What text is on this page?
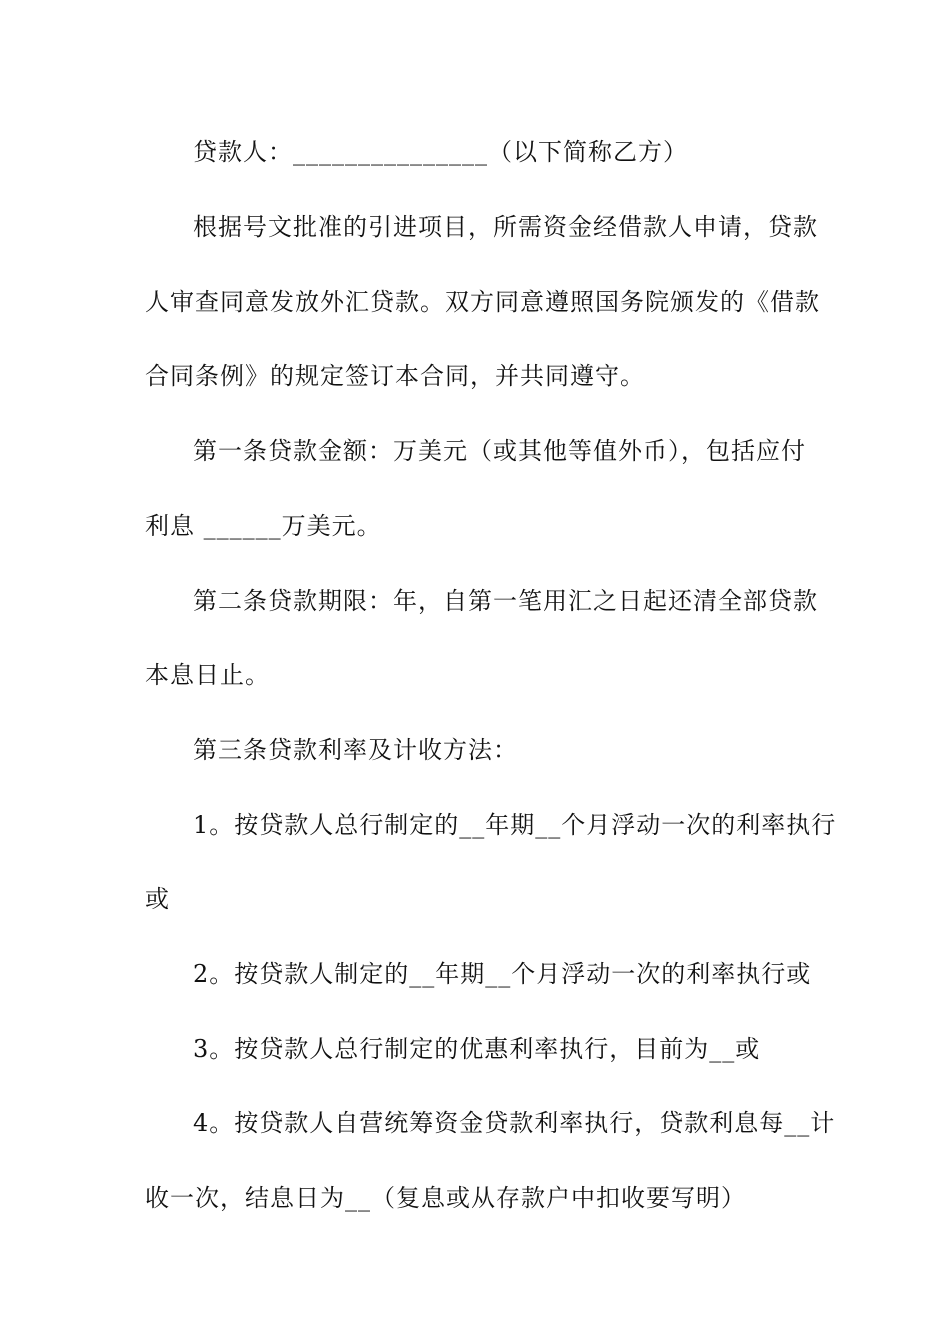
贷款人：_______________（以下简称乙方）
根据号文批准的引进项目，所需资金经借款人申请，贷款
人审查同意发放外汇贷款。双方同意遵照国务院颁发的《借款
合同条例》的规定签订本合同，并共同遵守。
第一条贷款金额：万美元（或其他等值外币），包括应付
利息 ______万美元。
第二条贷款期限：年，自第一笔用汇之日起还清全部贷款
本息日止。
第三条贷款利率及计收方法：
1。按贷款人总行制定的__年期__个月浮动一次的利率执行
或
2。按贷款人制定的__年期__个月浮动一次的利率执行或
3。按贷款人总行制定的优惠利率执行，目前为__或
4。按贷款人自营统筹资金贷款利率执行，贷款利息每__计
收一次，结息日为__（复息或从存款户中扣收要写明）
